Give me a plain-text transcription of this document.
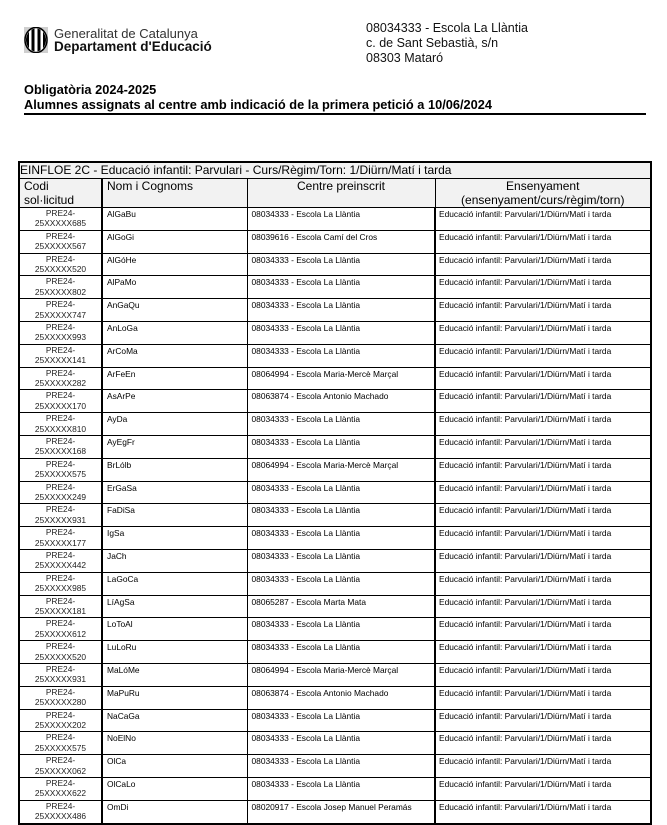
Generalitat de Catalunya
Departament d'Educació
08034333 - Escola La Llàntia
c. de Sant Sebastià, s/n
08303 Mataró
Obligatòria 2024-2025
Alumnes assignats al centre amb indicació de la primera petició a 10/06/2024
EINFLOE 2C - Educació infantil: Parvulari - Curs/Règim/Torn: 1/Diürn/Matí i tarda			

Codi
sol·licitud

Nom i Cognoms	Centre preinscrit	Ensenyament
(ensenyament/curs/règim/torn)

PRE24-
25XXXXX685	AlGaBu	08034333 - Escola La Llàntia	Educació infantil: Parvulari/1/Diürn/Matí i tarda

PRE24-
25XXXXX567	AlGoGi	08039616 - Escola Camí del Cros	Educació infantil: Parvulari/1/Diürn/Matí i tarda

PRE24-
25XXXXX520	AlGóHe	08034333 - Escola La Llàntia	Educació infantil: Parvulari/1/Diürn/Matí i tarda

PRE24-
25XXXXX802	AlPaMo	08034333 - Escola La Llàntia	Educació infantil: Parvulari/1/Diürn/Matí i tarda

PRE24-
25XXXXX747	AnGaQu	08034333 - Escola La Llàntia	Educació infantil: Parvulari/1/Diürn/Matí i tarda

PRE24-
25XXXXX993	AnLoGa	08034333 - Escola La Llàntia	Educació infantil: Parvulari/1/Diürn/Matí i tarda

PRE24-
25XXXXX141	ArCoMa	08034333 - Escola La Llàntia	Educació infantil: Parvulari/1/Diürn/Matí i tarda

PRE24-
25XXXXX282	ArFeEn	08064994 - Escola Maria-Mercè Marçal	Educació infantil: Parvulari/1/Diürn/Matí i tarda

PRE24-
25XXXXX170	AsArPe	08063874 - Escola Antonio Machado	Educació infantil: Parvulari/1/Diürn/Matí i tarda

PRE24-
25XXXXX810	AyDa	08034333 - Escola La Llàntia	Educació infantil: Parvulari/1/Diürn/Matí i tarda

PRE24-
25XXXXX168	AyEgFr	08034333 - Escola La Llàntia	Educació infantil: Parvulari/1/Diürn/Matí i tarda

PRE24-
25XXXXX575	BrLólb	08064994 - Escola Maria-Mercè Marçal	Educació infantil: Parvulari/1/Diürn/Matí i tarda

PRE24-
25XXXXX249	ErGaSa	08034333 - Escola La Llàntia	Educació infantil: Parvulari/1/Diürn/Matí i tarda

PRE24-
25XXXXX931	FaDiSa	08034333 - Escola La Llàntia	Educació infantil: Parvulari/1/Diürn/Matí i tarda

PRE24-
25XXXXX177	IgSa	08034333 - Escola La Llàntia	Educació infantil: Parvulari/1/Diürn/Matí i tarda

PRE24-
25XXXXX442	JaCh	08034333 - Escola La Llàntia	Educació infantil: Parvulari/1/Diürn/Matí i tarda

PRE24-
25XXXXX985	LaGoCa	08034333 - Escola La Llàntia	Educació infantil: Parvulari/1/Diürn/Matí i tarda

PRE24-
25XXXXX181	LíAgSa	08065287 - Escola Marta Mata	Educació infantil: Parvulari/1/Diürn/Matí i tarda

PRE24-
25XXXXX612	LoToAl	08034333 - Escola La Llàntia	Educació infantil: Parvulari/1/Diürn/Matí i tarda

PRE24-
25XXXXX520	LuLoRu	08034333 - Escola La Llàntia	Educació infantil: Parvulari/1/Diürn/Matí i tarda

PRE24-
25XXXXX931	MaLóMe	08064994 - Escola Maria-Mercè Marçal	Educació infantil: Parvulari/1/Diürn/Matí i tarda

PRE24-
25XXXXX280	MaPuRu	08063874 - Escola Antonio Machado	Educació infantil: Parvulari/1/Diürn/Matí i tarda

PRE24-
25XXXXX202	NaCaGa	08034333 - Escola La Llàntia	Educació infantil: Parvulari/1/Diürn/Matí i tarda

PRE24-
25XXXXX575	NoElNo	08034333 - Escola La Llàntia	Educació infantil: Parvulari/1/Diürn/Matí i tarda

PRE24-
25XXXXX062	OlCa	08034333 - Escola La Llàntia	Educació infantil: Parvulari/1/Diürn/Matí i tarda

PRE24-
25XXXXX622	OlCaLo	08034333 - Escola La Llàntia	Educació infantil: Parvulari/1/Diürn/Matí i tarda

PRE24-
25XXXXX486	OmDi	08020917 - Escola Josep Manuel Peramás	Educació infantil: Parvulari/1/Diürn/Matí i tarda
